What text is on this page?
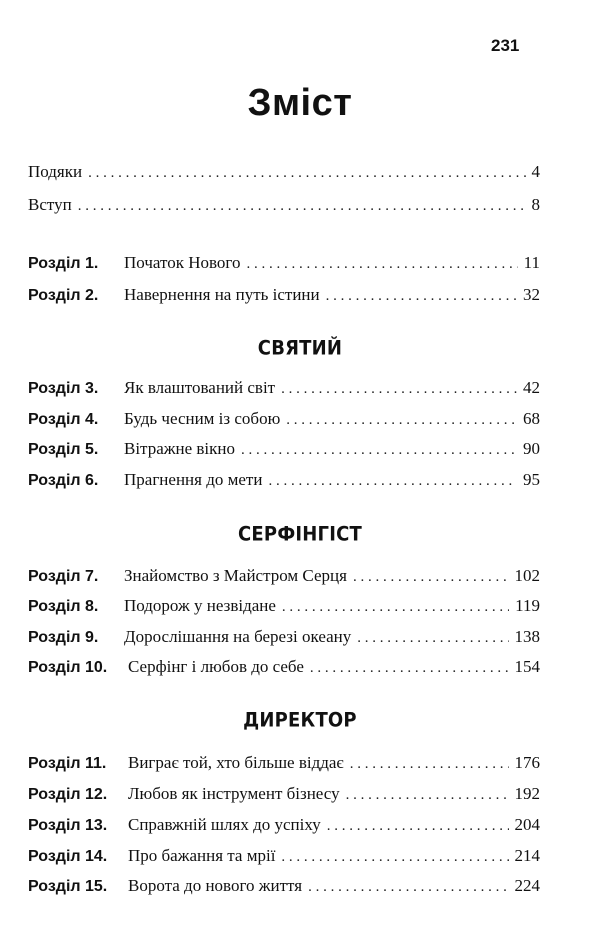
231
Зміст
Подяки . . .	4
Вступ . . .	8
Розділ 1.	Початок Нового . . .	11
Розділ 2.	Навернення на путь істини . . .	32
СВЯТИЙ
Розділ 3.	Як влаштований світ . . .	42
Розділ 4.	Будь чесним із собою . . .	68
Розділ 5.	Вітражне вікно . . .	90
Розділ 6.	Прагнення до мети . . .	95
СЕРФІНГІСТ
Розділ 7.	Знайомство з Майстром Серця . . .	102
Розділ 8.	Подорож у незвідане . . .	119
Розділ 9.	Дорослішання на березі океану . . .	138
Розділ 10.	Серфінг і любов до себе . . .	154
ДИРЕКТОР
Розділ 11.	Виграє той, хто більше віддає . . .	176
Розділ 12.	Любов як інструмент бізнесу . . .	192
Розділ 13.	Справжній шлях до успіху . . .	204
Розділ 14.	Про бажання та мрії . . .	214
Розділ 15.	Ворота до нового життя . . .	224
